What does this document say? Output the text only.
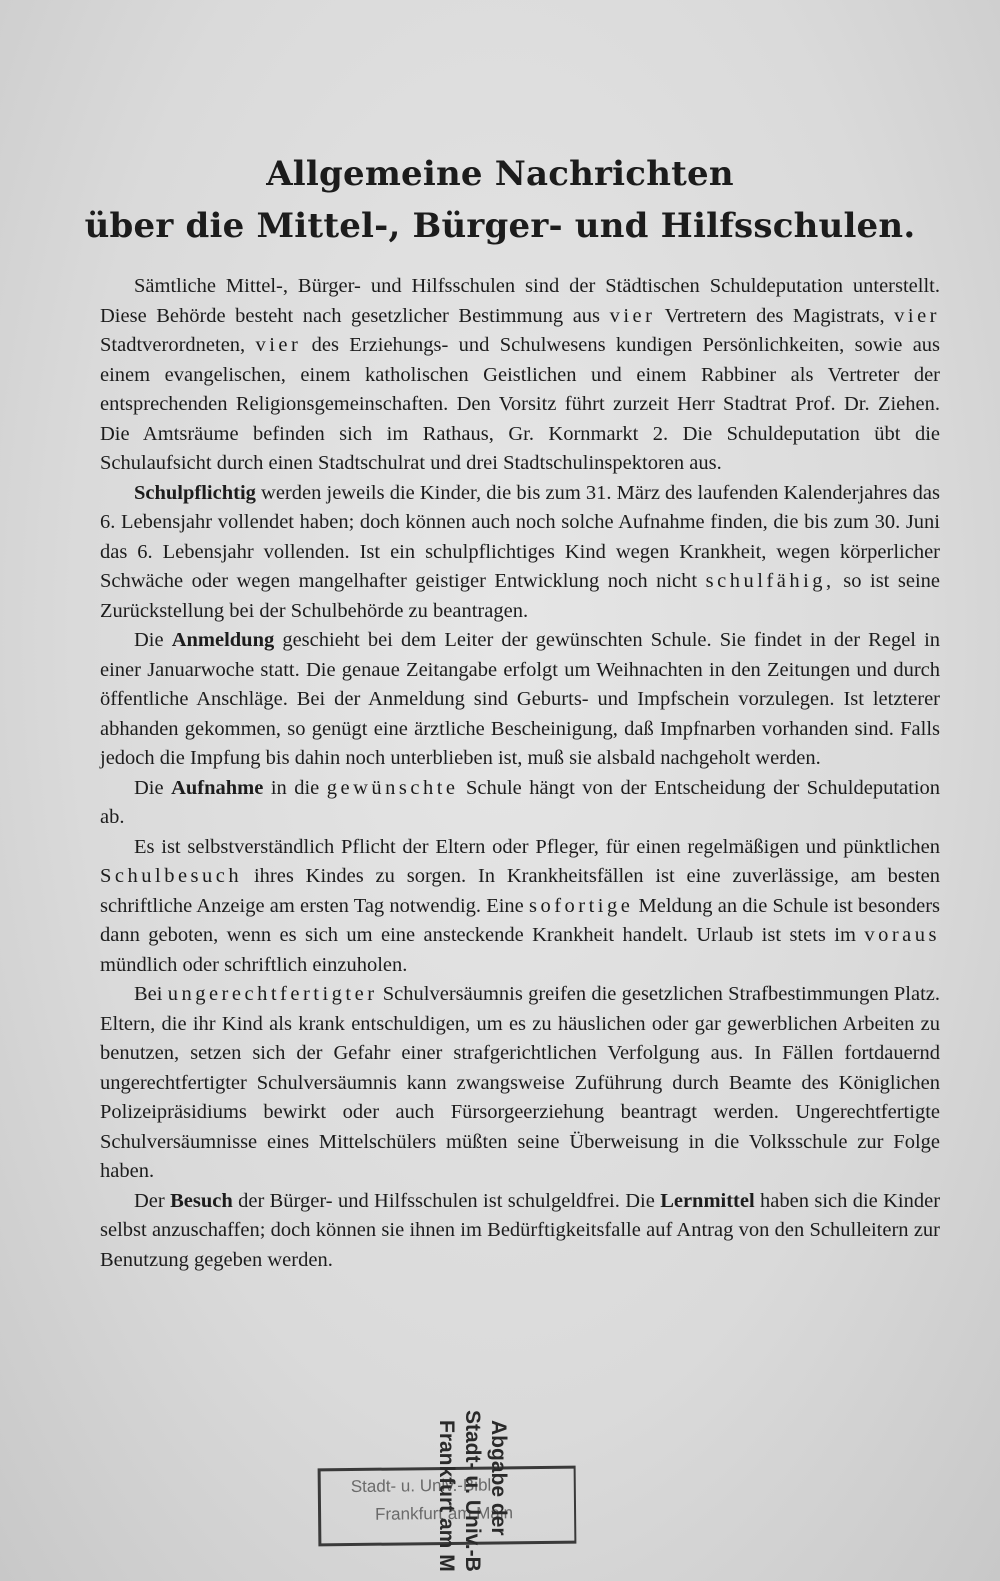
Allgemeine Nachrichten
über die Mittel-, Bürger- und Hilfsschulen.

Sämtliche Mittel-, Bürger- und Hilfsschulen sind der Städtischen Schuldeputation unterstellt. Diese Behörde besteht nach gesetzlicher Bestimmung aus vier Vertretern des Magistrats, vier Stadtverordneten, vier des Erziehungs- und Schulwesens kundigen Persönlichkeiten, sowie aus einem evangelischen, einem katholischen Geistlichen und einem Rabbiner als Vertreter der entsprechenden Religionsgemeinschaften. Den Vorsitz führt zurzeit Herr Stadtrat Prof. Dr. Ziehen. Die Amtsräume befinden sich im Rathaus, Gr. Kornmarkt 2. Die Schuldeputation übt die Schulaufsicht durch einen Stadtschulrat und drei Stadtschulinspektoren aus.

Schulpflichtig werden jeweils die Kinder, die bis zum 31. März des laufenden Kalenderjahres das 6. Lebensjahr vollendet haben; doch können auch noch solche Aufnahme finden, die bis zum 30. Juni das 6. Lebensjahr vollenden. Ist ein schulpflichtiges Kind wegen Krankheit, wegen körperlicher Schwäche oder wegen mangelhafter geistiger Entwicklung noch nicht schulfähig, so ist seine Zurückstellung bei der Schulbehörde zu beantragen.

Die Anmeldung geschieht bei dem Leiter der gewünschten Schule. Sie findet in der Regel in einer Januarwoche statt. Die genaue Zeitangabe erfolgt um Weihnachten in den Zeitungen und durch öffentliche Anschläge. Bei der Anmeldung sind Geburts- und Impfschein vorzulegen. Ist letzterer abhanden gekommen, so genügt eine ärztliche Bescheinigung, daß Impfnarben vorhanden sind. Falls jedoch die Impfung bis dahin noch unterblieben ist, muß sie alsbald nachgeholt werden.

Die Aufnahme in die gewünschte Schule hängt von der Entscheidung der Schuldeputation ab.

Es ist selbstverständlich Pflicht der Eltern oder Pfleger, für einen regelmäßigen und pünktlichen Schulbesuch ihres Kindes zu sorgen. In Krankheitsfällen ist eine zuverlässige, am besten schriftliche Anzeige am ersten Tag notwendig. Eine sofortige Meldung an die Schule ist besonders dann geboten, wenn es sich um eine ansteckende Krankheit handelt. Urlaub ist stets im voraus mündlich oder schriftlich einzuholen.

Bei ungerechtfertigter Schulversäumnis greifen die gesetzlichen Strafbestimmungen Platz. Eltern, die ihr Kind als krank entschuldigen, um es zu häuslichen oder gar gewerblichen Arbeiten zu benutzen, setzen sich der Gefahr einer strafgerichtlichen Verfolgung aus. In Fällen fortdauernd ungerechtfertigter Schulversäumnis kann zwangsweise Zuführung durch Beamte des Königlichen Polizeipräsidiums bewirkt oder auch Fürsorgeerziehung beantragt werden. Ungerechtfertigte Schulversäumnisse eines Mittelschülers müßten seine Überweisung in die Volksschule zur Folge haben.

Der Besuch der Bürger- und Hilfsschulen ist schulgeldfrei. Die Lernmittel haben sich die Kinder selbst anzuschaffen; doch können sie ihnen im Bedürftigkeitsfalle auf Antrag von den Schulleitern zur Benutzung gegeben werden.

Stadt- u. Univ.-Bibl.
Frankfurt am Main
Abgabe der
Stadt- u. Univ.-B
Frankfurt am M
